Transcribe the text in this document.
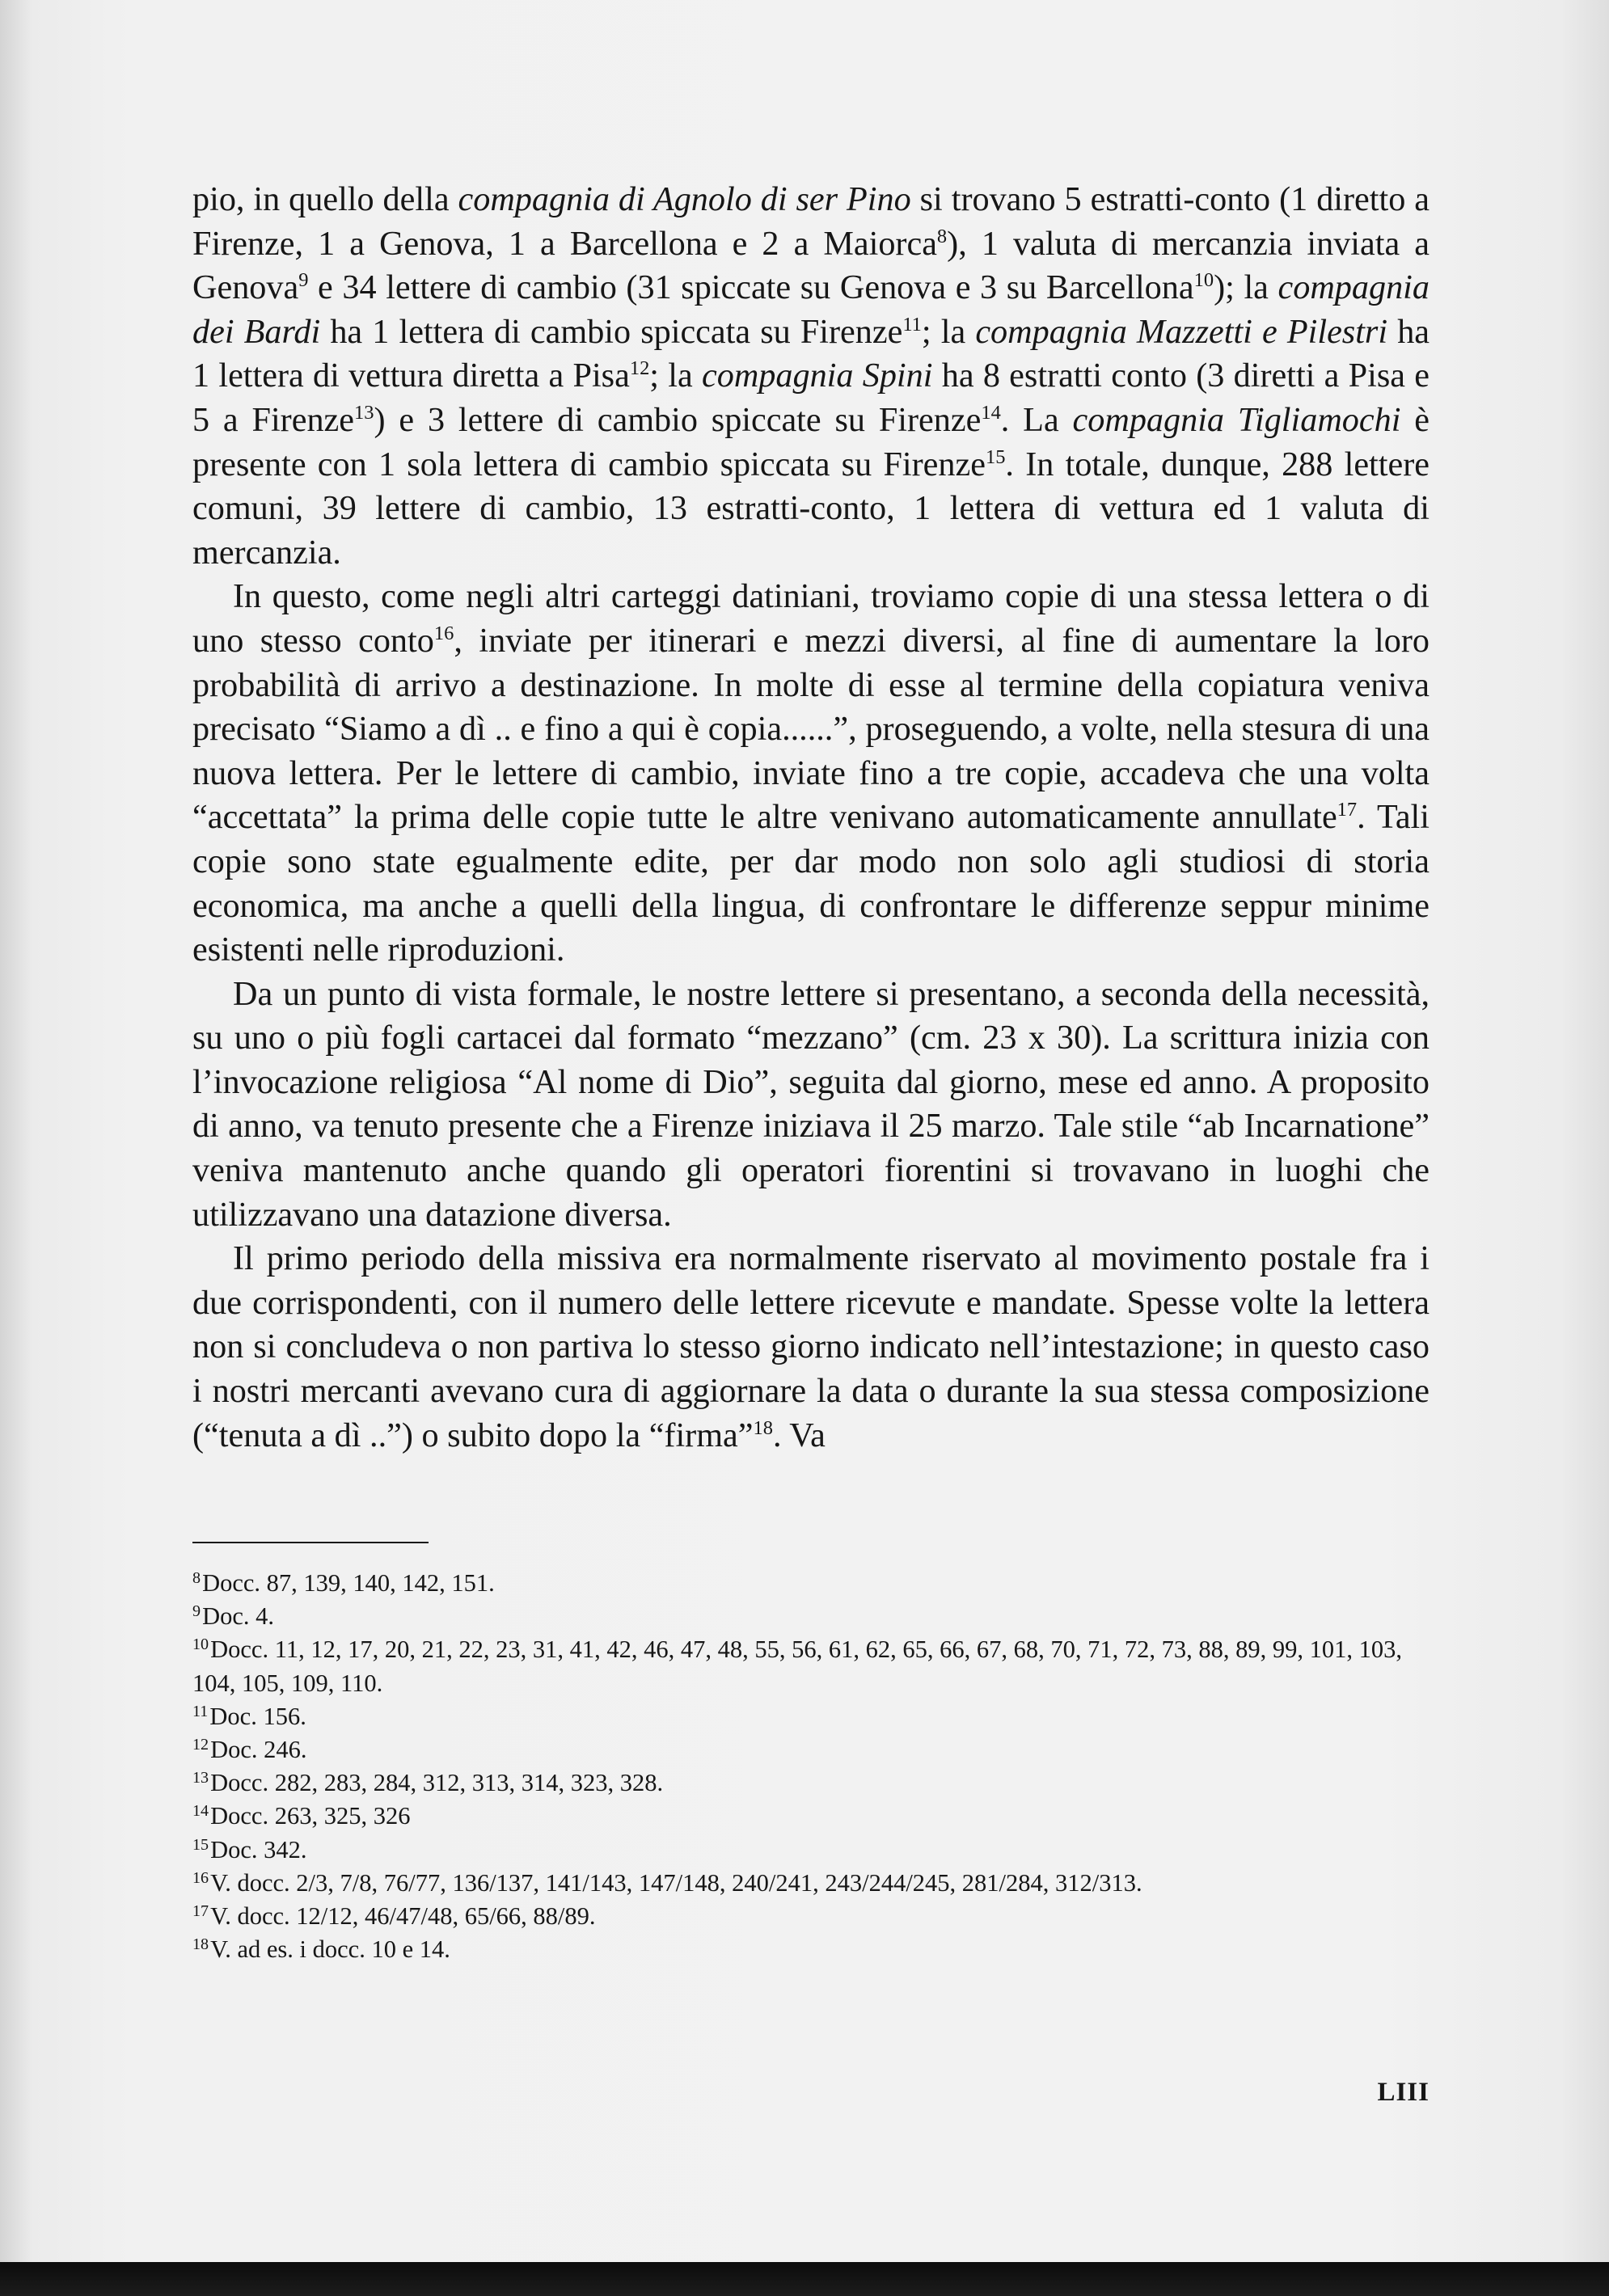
pio, in quello della compagnia di Agnolo di ser Pino si trovano 5 estratti-conto (1 diretto a Firenze, 1 a Genova, 1 a Barcellona e 2 a Maiorca$^8$), 1 valuta di mercanzia inviata a Genova$^9$ e 34 lettere di cambio (31 spiccate su Genova e 3 su Barcellona$^{10}$); la compagnia dei Bardi ha 1 lettera di cambio spiccata su Firenze$^{11}$; la compagnia Mazzetti e Pilestri ha 1 lettera di vettura diretta a Pisa$^{12}$; la compagnia Spini ha 8 estratti conto (3 diretti a Pisa e 5 a Firenze$^{13}$) e 3 lettere di cambio spiccate su Firenze$^{14}$. La compagnia Tigliamochi è presente con 1 sola lettera di cambio spiccata su Firenze$^{15}$. In totale, dunque, 288 lettere comuni, 39 lettere di cambio, 13 estratti-conto, 1 lettera di vettura ed 1 valuta di mercanzia.

In questo, come negli altri carteggi datiniani, troviamo copie di una stessa lettera o di uno stesso conto$^{16}$, inviate per itinerari e mezzi diversi, al fine di aumentare la loro probabilità di arrivo a destinazione. In molte di esse al termine della copiatura veniva precisato “Siamo a dì .. e fino a qui è copia......”, proseguendo, a volte, nella stesura di una nuova lettera. Per le lettere di cambio, inviate fino a tre copie, accadeva che una volta “accettata” la prima delle copie tutte le altre venivano automaticamente annullate$^{17}$. Tali copie sono state egualmente edite, per dar modo non solo agli studiosi di storia economica, ma anche a quelli della lingua, di confrontare le differenze seppur minime esistenti nelle riproduzioni.

Da un punto di vista formale, le nostre lettere si presentano, a seconda della necessità, su uno o più fogli cartacei dal formato “mezzano” (cm. 23 x 30). La scrittura inizia con l’invocazione religiosa “Al nome di Dio”, seguita dal giorno, mese ed anno. A proposito di anno, va tenuto presente che a Firenze iniziava il 25 marzo. Tale stile “ab Incarnatione” veniva mantenuto anche quando gli operatori fiorentini si trovavano in luoghi che utilizzavano una datazione diversa.

Il primo periodo della missiva era normalmente riservato al movimento postale fra i due corrispondenti, con il numero delle lettere ricevute e mandate. Spesse volte la lettera non si concludeva o non partiva lo stesso giorno indicato nell’intestazione; in questo caso i nostri mercanti avevano cura di aggiornare la data o durante la sua stessa composizione (“tenuta a dì ..”) o subito dopo la “firma”$^{18}$. Va

$^8$Docc. 87, 139, 140, 142, 151.

$^9$Doc. 4.

$^{10}$Docc. 11, 12, 17, 20, 21, 22, 23, 31, 41, 42, 46, 47, 48, 55, 56, 61, 62, 65, 66, 67, 68, 70, 71, 72, 73, 88, 89, 99, 101, 103, 104, 105, 109, 110.

$^{11}$Doc. 156.

$^{12}$Doc. 246.

$^{13}$Docc. 282, 283, 284, 312, 313, 314, 323, 328.

$^{14}$Docc. 263, 325, 326

$^{15}$Doc. 342.

$^{16}$V. docc. 2/3, 7/8, 76/77, 136/137, 141/143, 147/148, 240/241, 243/244/245, 281/284, 312/313.

$^{17}$V. docc. 12/12, 46/47/48, 65/66, 88/89.

$^{18}$V. ad es. i docc. 10 e 14.

LIII
